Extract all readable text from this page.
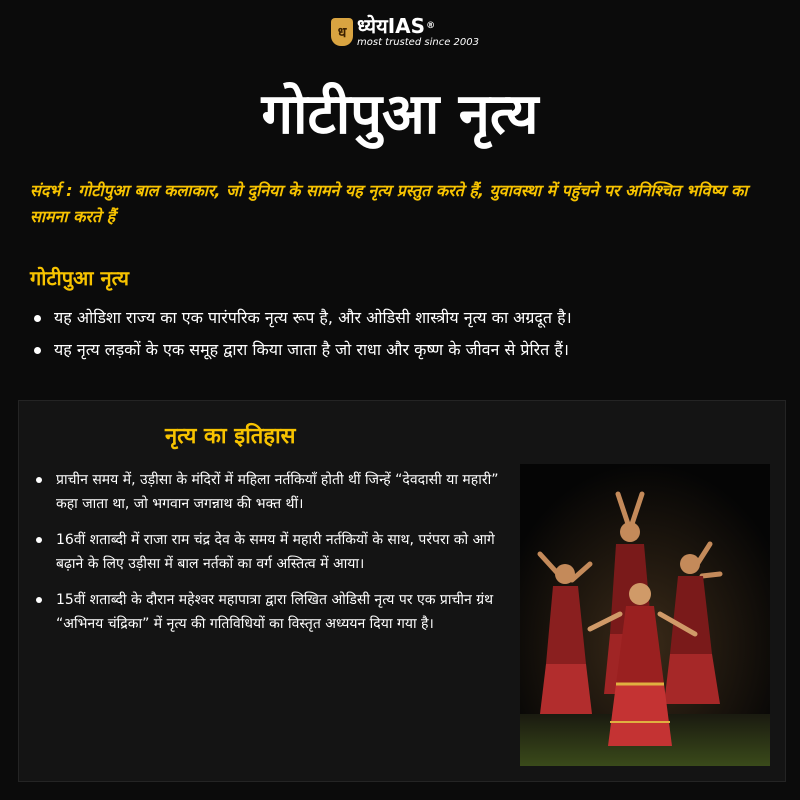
ध ध्येयIAS®
most trusted since 2003
गोटीपुआ नृत्य
संदर्भ : गोटीपुआ बाल कलाकार, जो दुनिया के सामने यह नृत्य प्रस्तुत करते हैं, युवावस्था में पहुंचने पर अनिश्चित भविष्य का सामना करते हैं
गोटीपुआ नृत्य
यह ओडिशा राज्य का एक पारंपरिक नृत्य रूप है, और ओडिसी शास्त्रीय नृत्य का अग्रदूत है।
यह नृत्य लड़कों के एक समूह द्वारा किया जाता है जो राधा और कृष्ण के जीवन से प्रेरित हैं।
नृत्य का इतिहास
प्राचीन समय में, उड़ीसा के मंदिरों में महिला नर्तकियाँ होती थीं जिन्हें “देवदासी या महारी” कहा जाता था, जो भगवान जगन्नाथ की भक्त थीं।
16वीं शताब्दी में राजा राम चंद्र देव के समय में महारी नर्तकियों के साथ, परंपरा को आगे बढ़ाने के लिए उड़ीसा में बाल नर्तकों का वर्ग अस्तित्व में आया।
15वीं शताब्दी के दौरान महेश्वर महापात्रा द्वारा लिखित ओडिसी नृत्य पर एक प्राचीन ग्रंथ “अभिनय चंद्रिका” में नृत्य की गतिविधियों का विस्तृत अध्ययन दिया गया है।
